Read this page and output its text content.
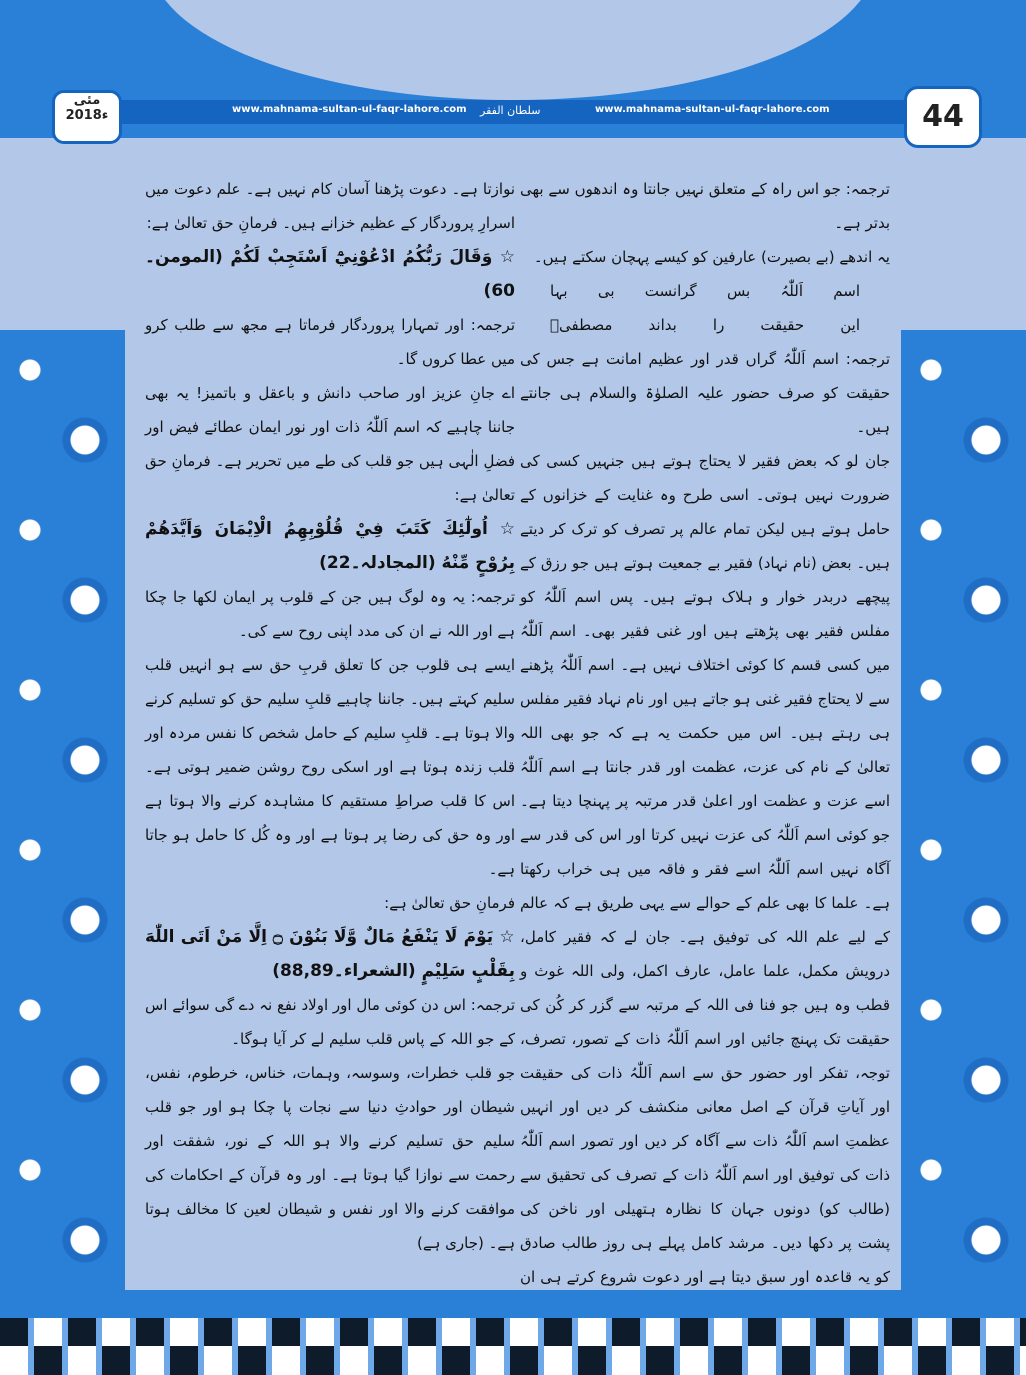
www.mahnama-sultan-ul-faqr-lahore.com سلطان الفقر	www.mahnama-sultan-ul-faqr-lahore.com	44
مئی
2018ء

ترجمہ: جو اس راہ کے متعلق نہیں جانتا وہ اندھوں سے بھی بدتر ہے۔

یہ اندھے (بے بصیرت) عارفین کو کیسے پہچان سکتے ہیں۔

اسم
اَللّٰہُ
بس
گرانست
بی
بہا
این
حقیقت
را
بداند
مصطفیؐ

ترجمہ: اسم اَللّٰہُ گراں قدر اور عظیم امانت ہے جس کی حقیقت کو صرف حضور علیہ الصلوٰۃ والسلام ہی جانتے ہیں۔

جان لو کہ بعض فقیر لا یحتاج ہوتے ہیں جنہیں کسی کی ضرورت نہیں ہوتی۔ اسی طرح وہ غنایت کے خزانوں کے حامل ہوتے ہیں لیکن تمام عالم پر تصرف کو ترک کر دیتے ہیں۔ بعض (نام نہاد) فقیر بے جمعیت ہوتے ہیں جو رزق کے پیچھے دربدر خوار و ہلاک ہوتے ہیں۔ پس اسم اَللّٰہُ کو مفلس فقیر بھی پڑھتے ہیں اور غنی فقیر بھی۔ اسم اَللّٰہُ میں کسی قسم کا کوئی اختلاف نہیں ہے۔ اسم اَللّٰہُ پڑھنے سے لا یحتاج فقیر غنی ہو جاتے ہیں اور نام نہاد فقیر مفلس ہی رہتے ہیں۔ اس میں حکمت یہ ہے کہ جو بھی اللہ تعالیٰ کے نام کی عزت، عظمت اور قدر جانتا ہے اسم اَللّٰہُ اسے عزت و عظمت اور اعلیٰ قدر مرتبہ پر پہنچا دیتا ہے۔ جو کوئی اسم اَللّٰہُ کی عزت نہیں کرتا اور اس کی قدر سے آگاہ نہیں اسم اَللّٰہُ اسے فقر و فاقہ میں ہی خراب رکھتا ہے۔ علما کا بھی علم کے حوالے سے یہی طریق ہے کہ عالم کے لیے علم اللہ کی توفیق ہے۔ جان لے کہ فقیر کامل، درویش مکمل، علما عامل، عارف اکمل، ولی اللہ غوث و قطب وہ ہیں جو فنا فی اللہ کے مرتبہ سے گزر کر کُن کی حقیقت تک پہنچ جائیں اور اسم اَللّٰہُ ذات کے تصور، تصرف، توجہ، تفکر اور حضور حق سے اسم اَللّٰہُ ذات کی حقیقت اور آیاتِ قرآن کے اصل معانی منکشف کر دیں اور انہیں عظمتِ اسم اَللّٰہُ ذات سے آگاہ کر دیں اور تصور اسم اَللّٰہُ ذات کی توفیق اور اسم اَللّٰہُ ذات کے تصرف کی تحقیق سے (طالب کو) دونوں جہان کا نظارہ ہتھیلی اور ناخن کی پشت پر دکھا دیں۔ مرشد کامل پہلے ہی روز طالب صادق کو یہ قاعدہ اور سبق دیتا ہے اور دعوت شروع کرتے ہی ان

نوازتا ہے۔ دعوت پڑھنا آسان کام نہیں ہے۔ علم دعوت میں اسرارِ پروردگار کے عظیم خزانے ہیں۔ فرمانِ حق تعالیٰ ہے:

☆ وَقَالَ رَبُّكُمُ ادْعُوْنِيْٓ اَسْتَجِبْ لَكُمْ (المومن۔60)

ترجمہ: اور تمہارا پروردگار فرماتا ہے مجھ سے طلب کرو میں عطا کروں گا۔

اے جانِ عزیز اور صاحب دانش و باعقل و باتمیز! یہ بھی جاننا چاہیے کہ اسم اَللّٰہُ ذات اور نور ایمان عطائے فیض اور فضلِ الٰہی ہیں جو قلب کی طے میں تحریر ہے۔ فرمانِ حق تعالیٰ ہے:

☆ اُولٰٓئِكَ كَتَبَ فِيْ قُلُوْبِهِمُ الْاِيْمَانَ وَاَيَّدَهُمْ بِرُوْحٍ مِّنْهُ (المجادلہ۔22)

ترجمہ: یہ وہ لوگ ہیں جن کے قلوب پر ایمان لکھا جا چکا ہے اور اللہ نے ان کی مدد اپنی روح سے کی۔

ایسے ہی قلوب جن کا تعلق قربِ حق سے ہو انہیں قلب سلیم کہتے ہیں۔ جاننا چاہیے قلبِ سلیم حق کو تسلیم کرنے والا ہوتا ہے۔ قلبِ سلیم کے حامل شخص کا نفس مردہ اور قلب زندہ ہوتا ہے اور اسکی روح روشن ضمیر ہوتی ہے۔ اس کا قلب صراطِ مستقیم کا مشاہدہ کرنے والا ہوتا ہے اور وہ حق کی رضا پر ہوتا ہے اور وہ کُل کا حامل ہو جاتا ہے۔

فرمانِ حق تعالیٰ ہے:

☆ يَوْمَ لَا يَنْفَعُ مَالٌ وَّلَا بَنُوْنَ ۝ اِلَّا مَنْ اَتَى اللّٰهَ بِقَلْبٍ سَلِيْمٍ (الشعراء۔88,89)

ترجمہ: اس دن کوئی مال اور اولاد نفع نہ دے گی سوائے اس کے جو اللہ کے پاس قلب سلیم لے کر آیا ہوگا۔

جو قلب خطرات، وسوسہ، وہمات، خناس، خرطوم، نفس، شیطان اور حوادثِ دنیا سے نجات پا چکا ہو اور جو قلب سلیم حق تسلیم کرنے والا ہو اللہ کے نور، شفقت اور رحمت سے نوازا گیا ہوتا ہے۔ اور وہ قرآن کے احکامات کی موافقت کرنے والا اور نفس و شیطان لعین کا مخالف ہوتا ہے۔ (جاری ہے)
